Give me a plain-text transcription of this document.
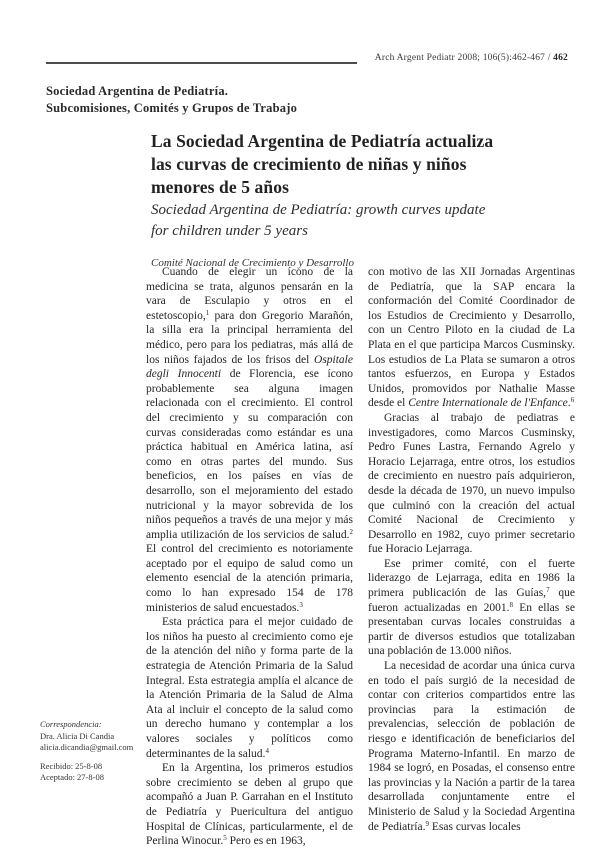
Arch Argent Pediatr 2008; 106(5):462-467 / 462
Sociedad Argentina de Pediatría.
Subcomisiones, Comités y Grupos de Trabajo
La Sociedad Argentina de Pediatría actualiza
las curvas de crecimiento de niñas y niños
menores de 5 años
Sociedad Argentina de Pediatría: growth curves update
for children under 5 years
Comité Nacional de Crecimiento y Desarrollo
Correspondencia:
Dra. Alicia Di Candia
alicia.dicandia@gmail.com
Recibido: 25-8-08
Aceptado: 27-8-08

Cuando de elegir un ícono de la medicina se trata, algunos pensarán en la vara de Esculapio y otros en el estetoscopio,$^1$ para don Gregorio Marañón, la silla era la principal herramienta del médico, pero para los pediatras, más allá de los niños fajados de los frisos del Ospitale degli Innocenti de Florencia, ese ícono probablemente sea alguna imagen relacionada con el crecimiento. El control del crecimiento y su comparación con curvas consideradas como estándar es una práctica habitual en América latina, así como en otras partes del mundo. Sus beneficios, en los países en vías de desarrollo, son el mejoramiento del estado nutricional y la mayor sobrevida de los niños pequeños a través de una mejor y más amplia utilización de los servicios de salud.$^2$ El control del crecimiento es notoriamente aceptado por el equipo de salud como un elemento esencial de la atención primaria, como lo han expresado 154 de 178 ministerios de salud encuestados.$^3$

Esta práctica para el mejor cuidado de los niños ha puesto al crecimiento como eje de la atención del niño y forma parte de la estrategia de Atención Primaria de la Salud Integral. Esta estrategia amplía el alcance de la Atención Primaria de la Salud de Alma Ata al incluir el concepto de la salud como un derecho humano y contemplar a los valores sociales y políticos como determinantes de la salud.$^4$

En la Argentina, los primeros estudios sobre crecimiento se deben al grupo que acompañó a Juan P. Garrahan en el Instituto de Pediatría y Puericultura del antiguo Hospital de Clínicas, particularmente, el de Perlina Winocur.$^5$ Pero es en 1963,

con motivo de las XII Jornadas Argentinas de Pediatría, que la SAP encara la conformación del Comité Coordinador de los Estudios de Crecimiento y Desarrollo, con un Centro Piloto en la ciudad de La Plata en el que participa Marcos Cusminsky. Los estudios de La Plata se sumaron a otros tantos esfuerzos, en Europa y Estados Unidos, promovidos por Nathalie Masse desde el Centre Internationale de l'Enfance.$^6$

Gracias al trabajo de pediatras e investigadores, como Marcos Cusminsky, Pedro Funes Lastra, Fernando Agrelo y Horacio Lejarraga, entre otros, los estudios de crecimiento en nuestro país adquirieron, desde la década de 1970, un nuevo impulso que culminó con la creación del actual Comité Nacional de Crecimiento y Desarrollo en 1982, cuyo primer secretario fue Horacio Lejarraga.

Ese primer comité, con el fuerte liderazgo de Lejarraga, edita en 1986 la primera publicación de las Guías,$^7$ que fueron actualizadas en 2001.$^8$ En ellas se presentaban curvas locales construidas a partir de diversos estudios que totalizaban una población de 13.000 niños.

La necesidad de acordar una única curva en todo el país surgió de la necesidad de contar con criterios compartidos entre las provincias para la estimación de prevalencias, selección de población de riesgo e identificación de beneficiarios del Programa Materno-Infantil. En marzo de 1984 se logró, en Posadas, el consenso entre las provincias y la Nación a partir de la tarea desarrollada conjuntamente entre el Ministerio de Salud y la Sociedad Argentina de Pediatría.$^9$ Esas curvas locales
